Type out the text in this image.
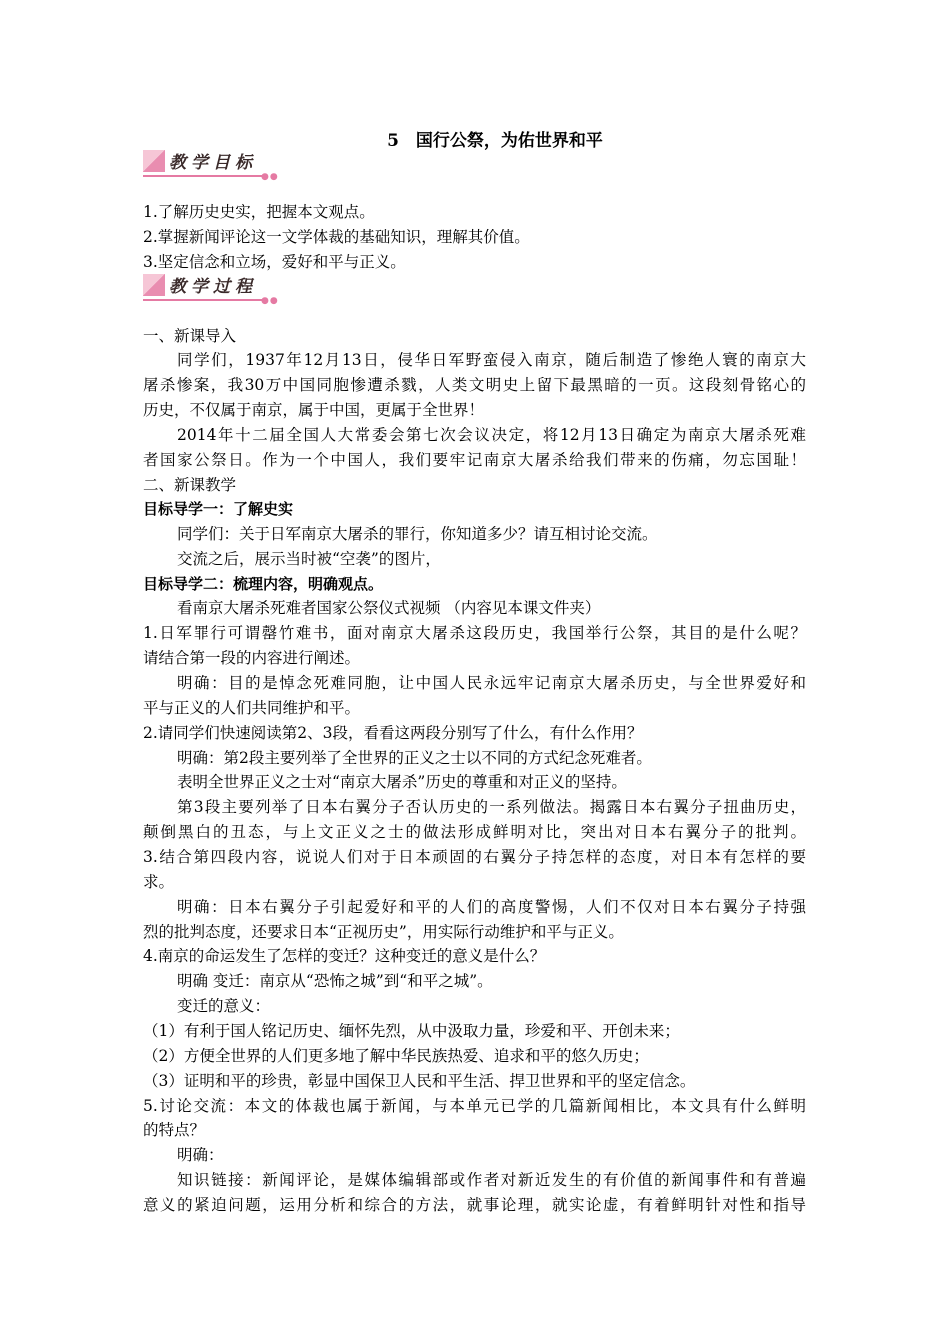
5　国行公祭，为佑世界和平
教学目标
●●
1.了解历史史实，把握本文观点。
2.掌握新闻评论这一文学体裁的基础知识，理解其价值。
3.坚定信念和立场，爱好和平与正义。
教学过程
●●
一、新课导入
同学们，1937年12月13日，侵华日军野蛮侵入南京，随后制造了惨绝人寰的南京大
屠杀惨案，我30万中国同胞惨遭杀戮，人类文明史上留下最黑暗的一页。这段刻骨铭心的
历史，不仅属于南京，属于中国，更属于全世界！
2014年十二届全国人大常委会第七次会议决定，将12月13日确定为南京大屠杀死难
者国家公祭日。作为一个中国人，我们要牢记南京大屠杀给我们带来的伤痛，勿忘国耻！
二、新课教学
目标导学一：了解史实
同学们：关于日军南京大屠杀的罪行，你知道多少？请互相讨论交流。
交流之后，展示当时被“空袭”的图片，
目标导学二：梳理内容，明确观点。
看南京大屠杀死难者国家公祭仪式视频 （内容见本课文件夹）
1.日军罪行可谓罄竹难书，面对南京大屠杀这段历史，我国举行公祭，其目的是什么呢？
请结合第一段的内容进行阐述。
明确：目的是悼念死难同胞，让中国人民永远牢记南京大屠杀历史，与全世界爱好和
平与正义的人们共同维护和平。
2.请同学们快速阅读第2、3段，看看这两段分别写了什么，有什么作用？
明确：第2段主要列举了全世界的正义之士以不同的方式纪念死难者。
表明全世界正义之士对“南京大屠杀”历史的尊重和对正义的坚持。
第3段主要列举了日本右翼分子否认历史的一系列做法。揭露日本右翼分子扭曲历史，
颠倒黑白的丑态，与上文正义之士的做法形成鲜明对比，突出对日本右翼分子的批判。
3.结合第四段内容，说说人们对于日本顽固的右翼分子持怎样的态度，对日本有怎样的要
求。
明确：日本右翼分子引起爱好和平的人们的高度警惕，人们不仅对日本右翼分子持强
烈的批判态度，还要求日本“正视历史”，用实际行动维护和平与正义。
4.南京的命运发生了怎样的变迁？这种变迁的意义是什么？
明确 变迁：南京从“恐怖之城”到“和平之城”。
变迁的意义：
（1）有利于国人铭记历史、缅怀先烈，从中汲取力量，珍爱和平、开创未来；
（2）方便全世界的人们更多地了解中华民族热爱、追求和平的悠久历史；
（3）证明和平的珍贵，彰显中国保卫人民和平生活、捍卫世界和平的坚定信念。
5.讨论交流：本文的体裁也属于新闻，与本单元已学的几篇新闻相比，本文具有什么鲜明
的特点？
明确：
知识链接：新闻评论，是媒体编辑部或作者对新近发生的有价值的新闻事件和有普遍
意义的紧迫问题，运用分析和综合的方法，就事论理，就实论虚，有着鲜明针对性和指导
